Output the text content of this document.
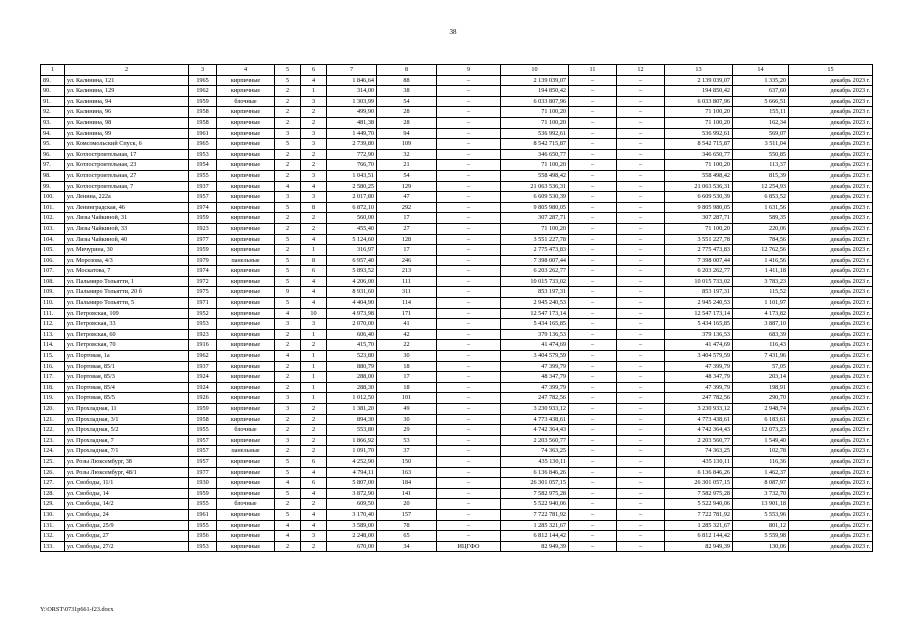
38
1	2	3	4	5	6	7	8	9	10	11	12	13	14	15
89.	ул. Калинина, 121	1965	кирпичные	5	4	1 846,64	88	–	2 139 039,07	–	–	2 139 039,07	1 335,20	декабрь 2023 г.
90.	ул. Калинина, 129	1962	кирпичные	2	1	314,00	38	–	194 850,42	–	–	194 850,42	637,60	декабрь 2023 г.
91.	ул. Калинина, 94	1959	блочные	2	3	1 303,99	54	–	6 033 807,96	–	–	6 033 807,96	5 666,51	декабрь 2023 г.
92.	ул. Калинина, 96	1958	кирпичные	2	2	499,90	28	–	71 100,20	–	–	71 100,20	155,11	декабрь 2023 г.
93.	ул. Калинина, 98	1958	кирпичные	2	2	481,38	28	–	71 100,20	–	–	71 100,20	162,34	декабрь 2023 г.
94.	ул. Калинина, 99	1961	кирпичные	3	3	1 449,70	94	–	536 992,61	–	–	536 992,61	569,07	декабрь 2023 г.
95.	ул. Комсомольский Спуск, 6	1965	кирпичные	5	3	2 739,80	109	–	8 542 715,87	–	–	8 542 715,87	3 511,04	декабрь 2023 г.
96.	ул. Котлостроительная, 17	1953	кирпичные	2	2	772,90	32	–	346 650,77	–	–	346 650,77	550,85	декабрь 2023 г.
97.	ул. Котлостроительная, 23	1954	кирпичные	2	2	766,70	21	–	71 100,20	–	–	71 100,20	113,37	декабрь 2023 г.
98.	ул. Котлостроительная, 27	1955	кирпичные	2	3	1 043,51	54	–	558 498,42	–	–	558 498,42	815,39	декабрь 2023 г.
99.	ул. Котлостроительная, 7	1937	кирпичные	4	4	2 580,25	129	–	21 063 536,31	–	–	21 063 536,31	12 254,93	декабрь 2023 г.
100.	ул. Ленина, 222а	1957	кирпичные	3	3	2 017,80	47	–	6 609 530,39	–	–	6 609 530,39	6 853,52	декабрь 2023 г.
101.	ул. Ленинградская, 46	1974	кирпичные	5	8	6 872,10	292	–	9 805 980,05	–	–	9 805 980,05	1 631,56	декабрь 2023 г.
102.	ул. Лизы Чайкиной, 31	1959	кирпичные	2	2	560,00	17	–	307 287,71	–	–	307 287,71	589,35	декабрь 2023 г.
103.	ул. Лизы Чайкиной, 33	1923	кирпичные	2	2	455,40	27	–	71 100,20	–	–	71 100,20	220,06	декабрь 2023 г.
104.	ул. Лизы Чайкиной, 40	1977	кирпичные	5	4	5 124,60	128	–	3 551 227,78	–	–	3 551 227,78	784,56	декабрь 2023 г.
105.	ул. Мичурина, 30	1959	кирпичные	2	1	316,97	17	–	2 775 473,83	–	–	2 775 473,83	12 762,56	декабрь 2023 г.
106.	ул. Морозова, 4/3	1979	панельные	5	8	6 957,40	246	–	7 398 007,44	–	–	7 398 007,44	1 416,56	декабрь 2023 г.
107.	ул. Москатова, 7	1974	кирпичные	5	6	5 893,52	213	–	6 203 262,77	–	–	6 203 262,77	1 411,18	декабрь 2023 г.
108.	ул. Пальмиро Тольятти, 1	1972	кирпичные	5	4	4 206,00	111	–	10 015 733,02	–	–	10 015 733,02	3 783,23	декабрь 2023 г.
109.	ул. Пальмиро Тольятти, 20 б	1975	кирпичные	9	4	8 931,60	311	–	853 197,31	–	–	853 197,31	115,52	декабрь 2023 г.
110.	ул. Пальмиро Тольятти, 5	1971	кирпичные	5	4	4 404,90	114	–	2 945 240,53	–	–	2 945 240,53	1 101,97	декабрь 2023 г.
111.	ул. Петровская, 109	1952	кирпичные	4	10	4 973,98	171	–	12 547 173,14	–	–	12 547 173,14	4 173,82	декабрь 2023 г.
112.	ул. Петровская, 33	1953	кирпичные	3	3	2 070,00	41	–	5 434 165,85	–	–	5 434 165,85	3 887,10	декабрь 2023 г.
113.	ул. Петровская, 60	1923	кирпичные	2	1	606,40	42	–	379 136,53	–	–	379 136,53	683,39	декабрь 2023 г.
114.	ул. Петровская, 70	1916	кирпичные	2	2	415,70	22	–	41 474,69	–	–	41 474,69	116,43	декабрь 2023 г.
115.	ул. Портовая, 1а	1962	кирпичные	4	1	523,80	30	–	3 404 579,59	–	–	3 404 579,59	7 431,96	декабрь 2023 г.
116.	ул. Портовая, 85/1	1937	кирпичные	2	1	880,79	18	–	47 399,79	–	–	47 399,79	57,05	декабрь 2023 г.
117.	ул. Портовая, 85/3	1924	кирпичные	2	1	288,00	17	–	48 347,79	–	–	48 347,79	203,14	декабрь 2023 г.
118.	ул. Портовая, 85/4	1924	кирпичные	2	1	288,30	18	–	47 399,79	–	–	47 399,79	198,91	декабрь 2023 г.
119.	ул. Портовая, 85/5	1926	кирпичные	3	1	1 012,50	101	–	247 782,56	–	–	247 782,56	290,70	декабрь 2023 г.
120.	ул. Прохладная, 11	1959	кирпичные	3	2	1 381,20	49	–	3 230 933,12	–	–	3 230 933,12	2 948,74	декабрь 2023 г.
121.	ул. Прохладная, 3/1	1958	кирпичные	2	2	894,30	30	–	4 773 438,61	–	–	4 773 438,61	6 183,61	декабрь 2023 г.
122.	ул. Прохладная, 5/2	1955	блочные	2	2	553,80	29	–	4 742 364,43	–	–	4 742 364,43	12 073,23	декабрь 2023 г.
123.	ул. Прохладная, 7	1957	кирпичные	3	2	1 866,92	53	–	2 203 560,77	–	–	2 203 560,77	1 549,40	декабрь 2023 г.
124.	ул. Прохладная, 7/1	1957	панельные	2	2	1 091,70	37	–	74 363,25	–	–	74 363,25	102,78	декабрь 2023 г.
125.	ул. Розы Люксембург, 38	1957	кирпичные	5	6	4 252,90	150	–	435 130,11	–	–	435 130,11	116,36	декабрь 2023 г.
126.	ул. Розы Люксембург, 48/1	1977	кирпичные	5	4	4 794,11	163	–	6 136 846,26	–	–	6 136 846,26	1 462,37	декабрь 2023 г.
127.	ул. Свободы, 11/1	1930	кирпичные	4	6	5 807,00	184	–	26 301 057,15	–	–	26 301 057,15	8 087,97	декабрь 2023 г.
128.	ул. Свободы, 14	1959	кирпичные	5	4	3 872,90	141	–	7 582 975,28	–	–	7 582 975,28	3 732,70	декабрь 2023 г.
129.	ул. Свободы, 14/2	1955	блочные	2	2	609,50	20	–	5 522 940,06	–	–	5 522 940,06	13 901,18	декабрь 2023 г.
130.	ул. Свободы, 24	1961	кирпичные	5	4	3 170,40	157	–	7 722 781,92	–	–	7 722 781,92	5 553,96	декабрь 2023 г.
131.	ул. Свободы, 25/9	1955	кирпичные	4	4	3 589,00	78	–	1 285 321,67	–	–	1 285 321,67	801,12	декабрь 2023 г.
132.	ул. Свободы, 27	1956	кирпичные	4	3	2 248,00	65	–	6 812 144,42	–	–	6 812 144,42	5 559,98	декабрь 2023 г.
133.	ул. Свободы, 27/2	1953	кирпичные	2	2	670,00	34	ИЦГФО	82 949,39	–	–	82 949,39	130,06	декабрь 2023 г.
Y:\ORST\0731p661-f23.docx
